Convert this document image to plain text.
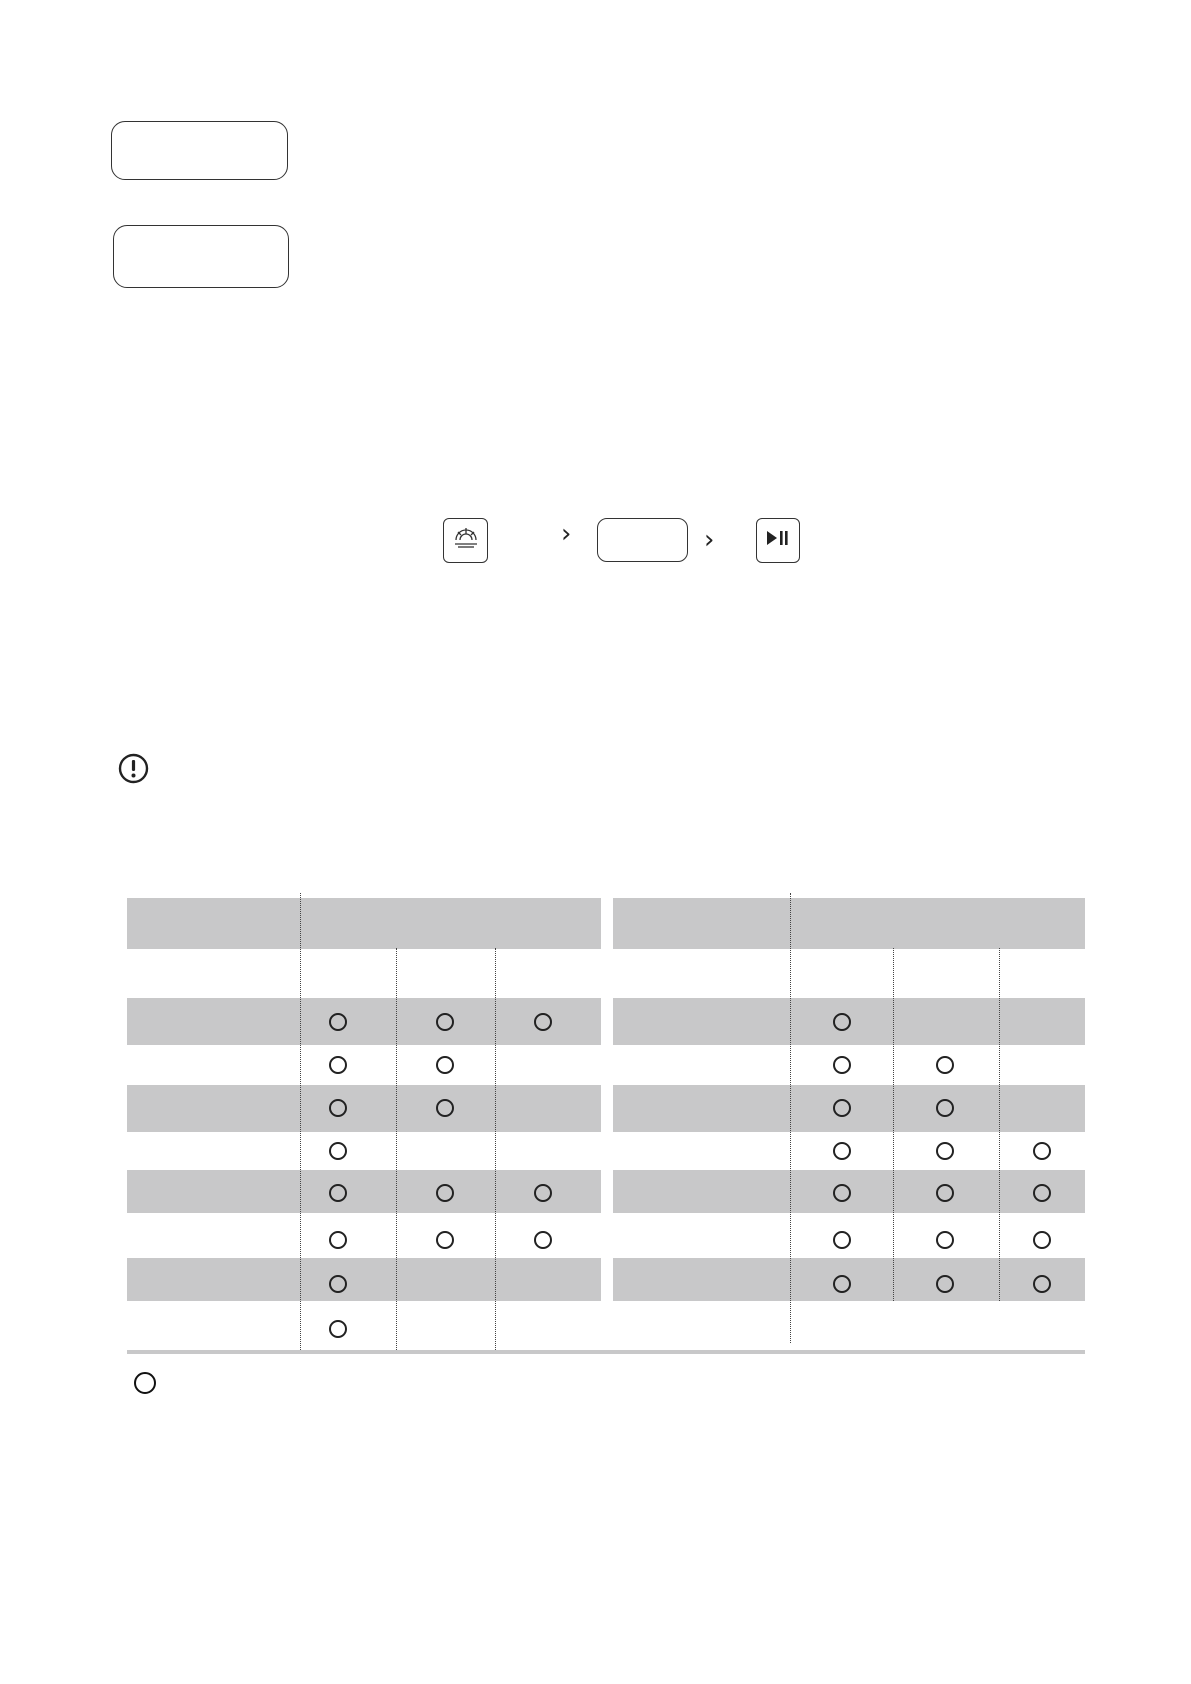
›	›
